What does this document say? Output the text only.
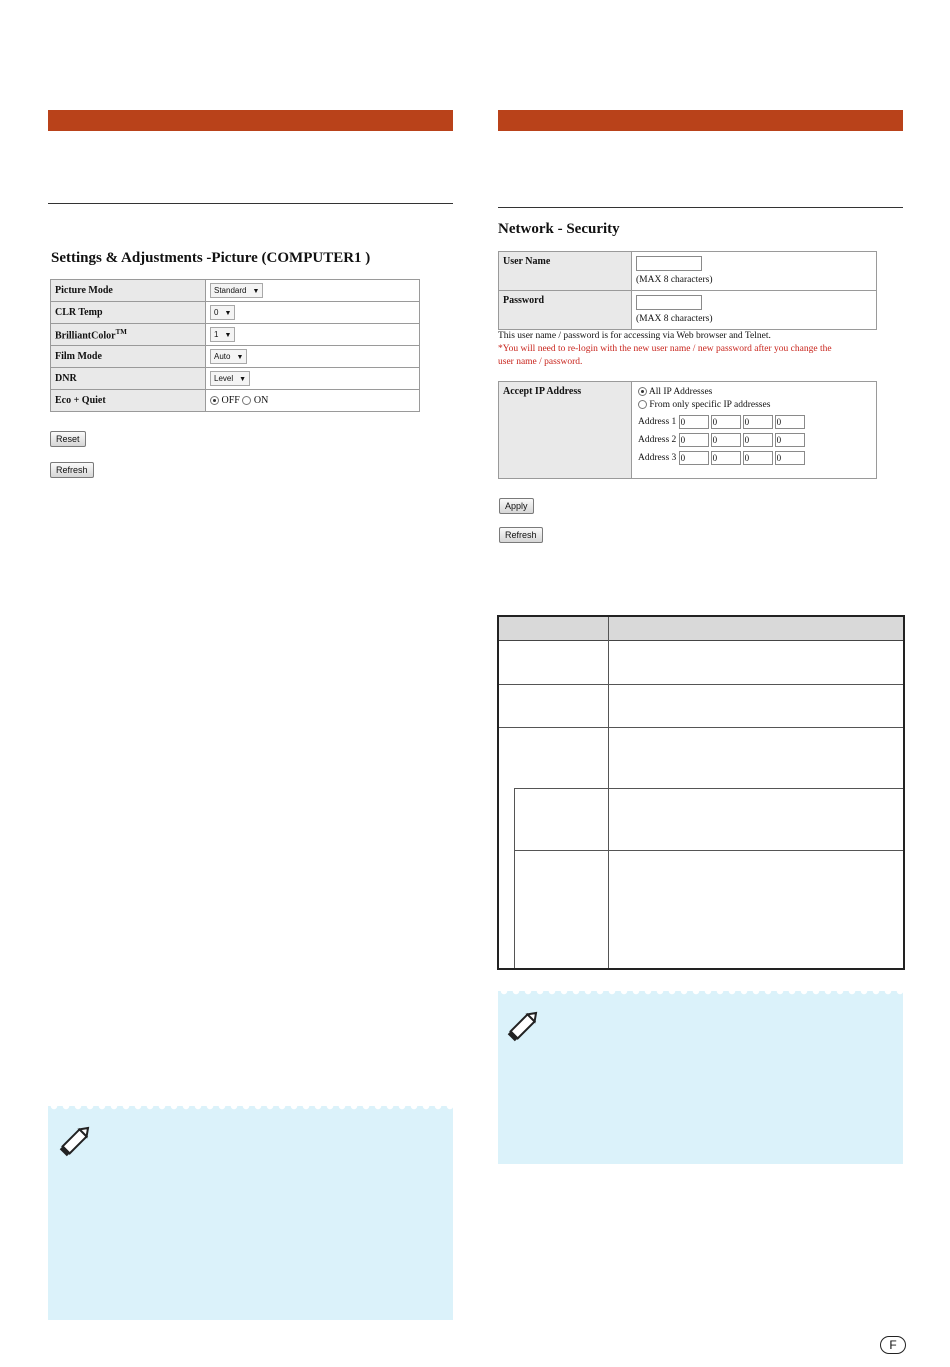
Settings & Adjustments -Picture (COMPUTER1 )
Picture Mode	Standard ▼
CLR Temp	0 ▼
BrilliantColor™	1 ▼
Film Mode	Auto ▼
DNR	Level ▼
Eco + Quiet	OFF ON
Reset
Refresh
Network - Security
User Name	(MAX 8 characters)
Password	(MAX 8 characters)
This user name / password is for accessing via Web browser and Telnet.
*You will need to re-login with the new user name / new password after you change the
user name / password.
Accept IP Address	All IP Addresses
From only specific IP addresses
Address 1 0	0	0	0
Address 2 0	0	0	0
Address 3 0	0	0	0
Apply
Refresh
F
